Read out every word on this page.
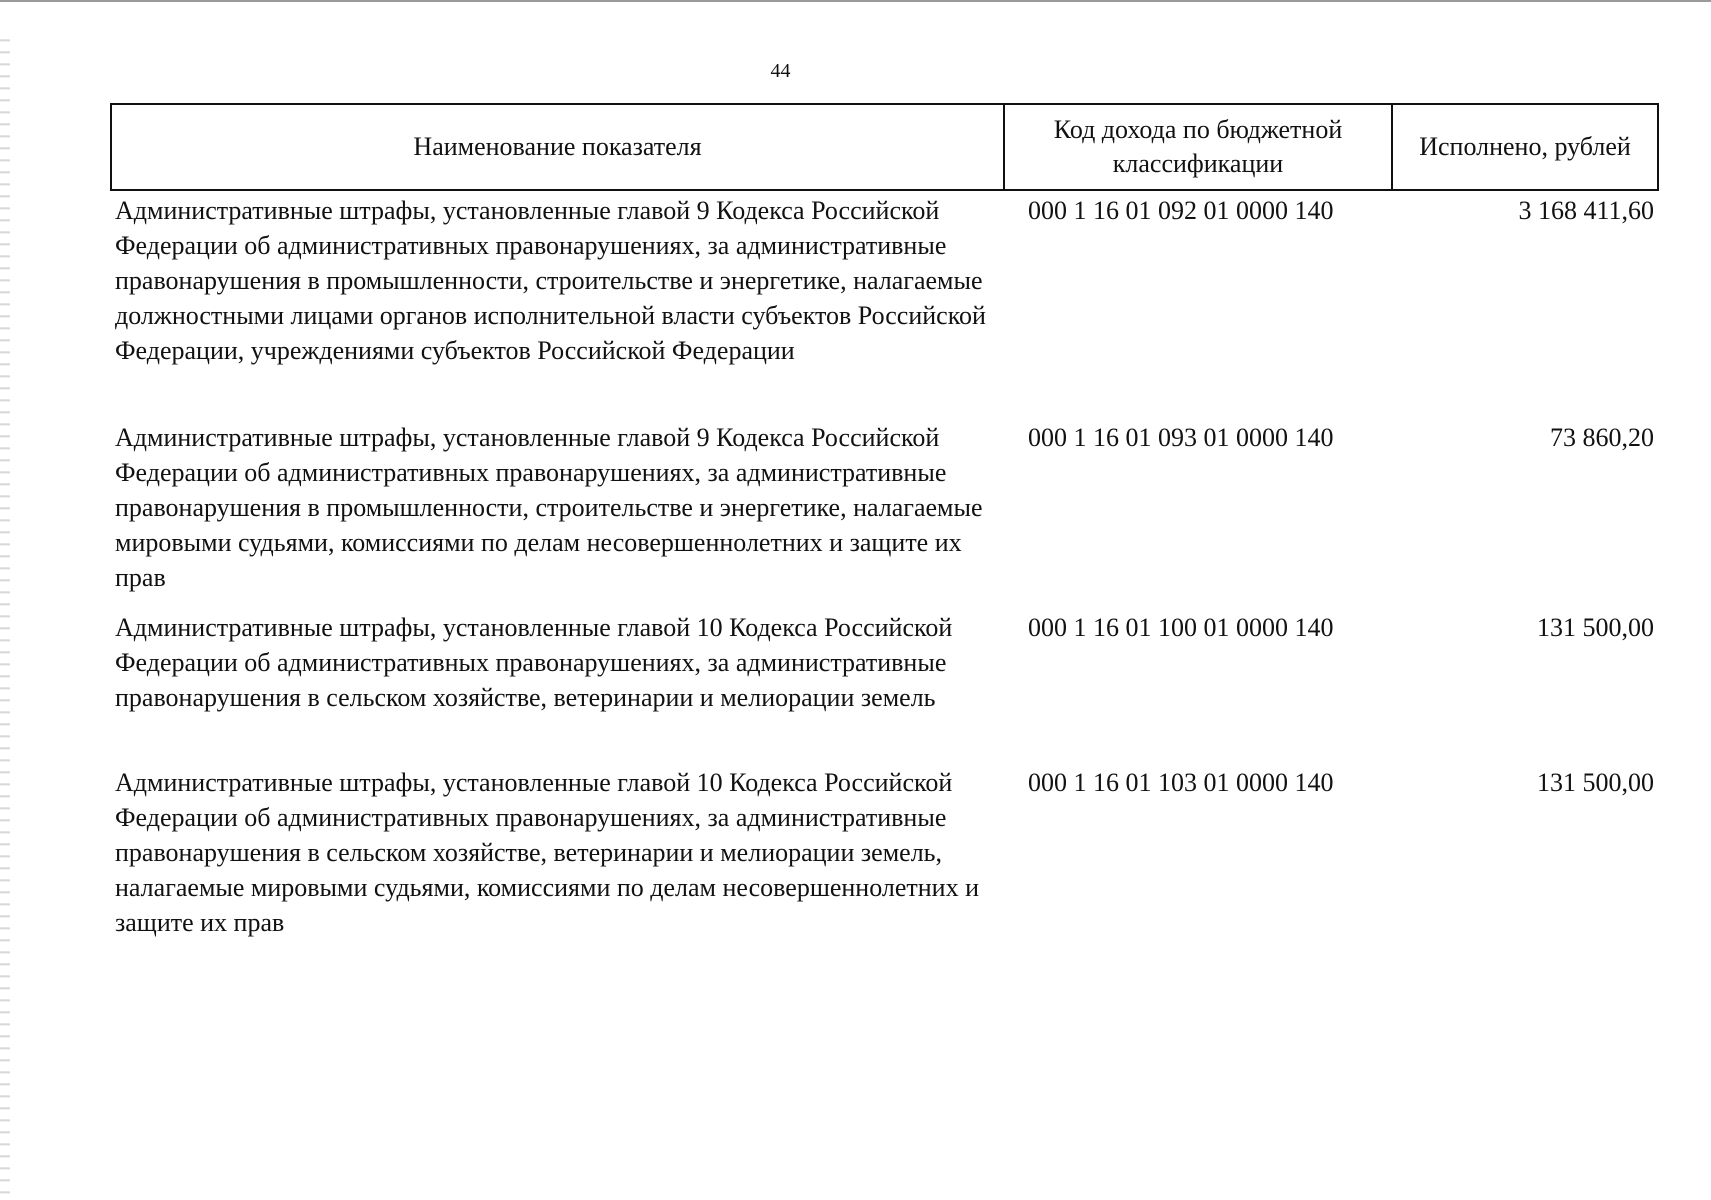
44
Наименование показателя	Код дохода по бюджетной классификации	Исполнено, рублей
Административные штрафы, установленные главой 9 Кодекса Российской Федерации об административных правонарушениях, за административные правонарушения в промышленности, строительстве и энергетике, налагаемые должностными лицами органов исполнительной власти субъектов Российской Федерации, учреждениями субъектов Российской Федерации	000 1 16 01 092 01 0000 140	3 168 411,60
Административные штрафы, установленные главой 9 Кодекса Российской Федерации об административных правонарушениях, за административные правонарушения в промышленности, строительстве и энергетике, налагаемые мировыми судьями, комиссиями по делам несовершеннолетних и защите их прав	000 1 16 01 093 01 0000 140	73 860,20
Административные штрафы, установленные главой 10 Кодекса Российской Федерации об административных правонарушениях, за административные правонарушения в сельском хозяйстве, ветеринарии и мелиорации земель	000 1 16 01 100 01 0000 140	131 500,00
Административные штрафы, установленные главой 10 Кодекса Российской Федерации об административных правонарушениях, за административные правонарушения в сельском хозяйстве, ветеринарии и мелиорации земель, налагаемые мировыми судьями, комиссиями по делам несовершеннолетних и защите их прав	000 1 16 01 103 01 0000 140	131 500,00
